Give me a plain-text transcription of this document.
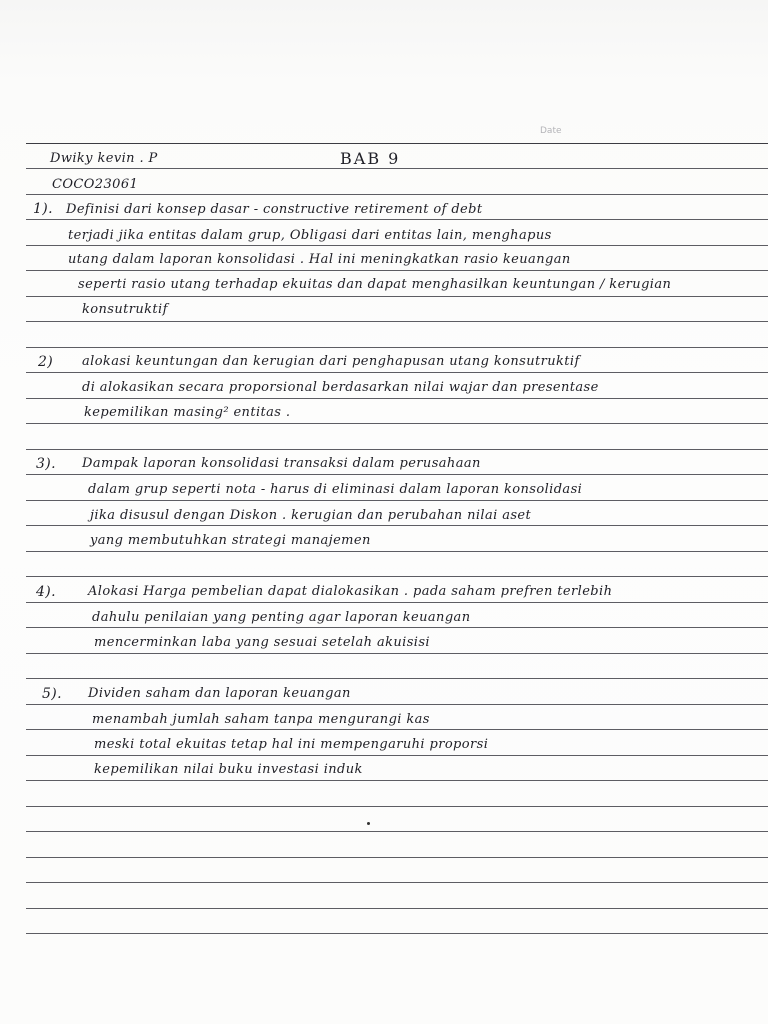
Date
Dwiky kevin . P	BAB 9
COCO23061
1). Definisi dari konsep dasar - constructive retirement of debt
terjadi jika entitas dalam grup, Obligasi dari entitas lain, menghapus
utang dalam laporan konsolidasi . Hal ini meningkatkan rasio keuangan
seperti rasio utang terhadap ekuitas dan dapat menghasilkan keuntungan / kerugian
konsutruktif
2) alokasi keuntungan dan kerugian dari penghapusan utang konsutruktif
di alokasikan secara proporsional berdasarkan nilai wajar dan presentase
kepemilikan masing² entitas .
3). Dampak laporan konsolidasi transaksi dalam perusahaan
dalam grup seperti nota - harus di eliminasi dalam laporan konsolidasi
jika disusul dengan Diskon . kerugian dan perubahan nilai aset
yang membutuhkan strategi manajemen
4). Alokasi Harga pembelian dapat dialokasikan . pada saham prefren terlebih
dahulu penilaian yang penting agar laporan keuangan
mencerminkan laba yang sesuai setelah akuisisi
5). Dividen saham dan laporan keuangan
menambah jumlah saham tanpa mengurangi kas
meski total ekuitas tetap hal ini mempengaruhi proporsi
kepemilikan nilai buku investasi induk
